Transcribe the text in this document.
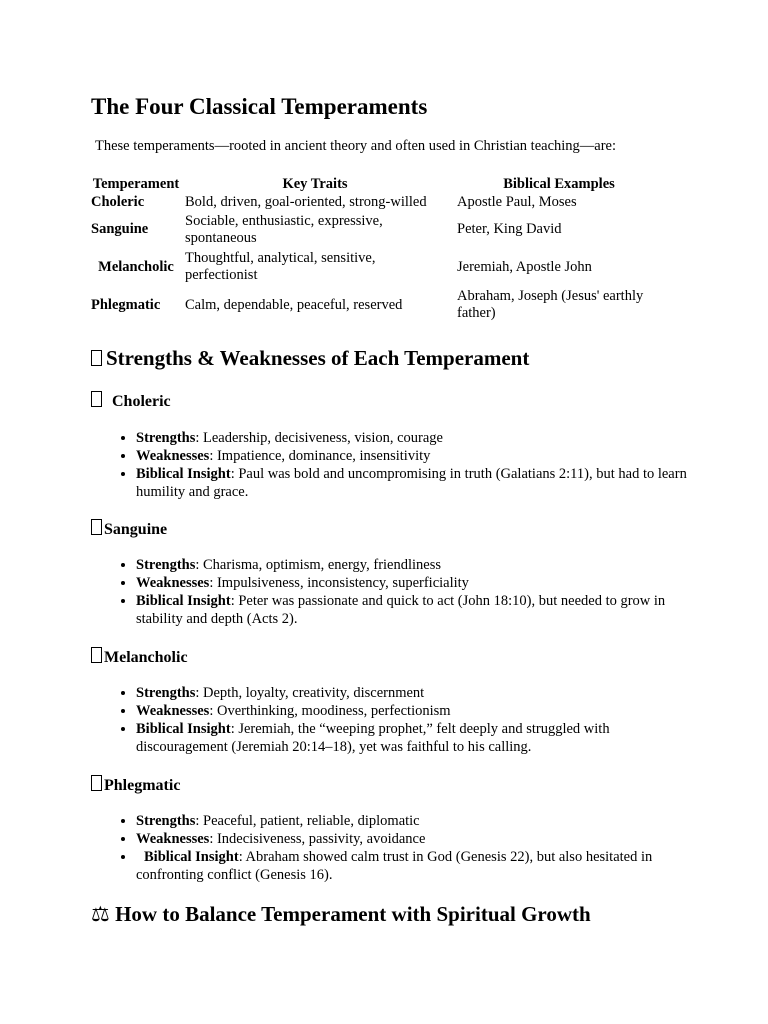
The Four Classical Temperaments

These temperaments—rooted in ancient theory and often used in Christian teaching—are:

Temperament	Key Traits	Biblical Examples
Choleric	Bold, driven, goal-oriented, strong-willed	Apostle Paul, Moses
Sanguine	Sociable, enthusiastic, expressive, spontaneous	Peter, King David
Melancholic	Thoughtful, analytical, sensitive, perfectionist	Jeremiah, Apostle John
Phlegmatic	Calm, dependable, peaceful, reserved	Abraham, Joseph (Jesus' earthly father)
Strengths & Weaknesses of Each Temperament
Choleric
• Strengths: Leadership, decisiveness, vision, courage
• Weaknesses: Impatience, dominance, insensitivity
• Biblical Insight: Paul was bold and uncompromising in truth (Galatians 2:11), but had to learn humility and grace.
Sanguine
• Strengths: Charisma, optimism, energy, friendliness
• Weaknesses: Impulsiveness, inconsistency, superficiality
• Biblical Insight: Peter was passionate and quick to act (John 18:10), but needed to grow in stability and depth (Acts 2).
Melancholic
• Strengths: Depth, loyalty, creativity, discernment
• Weaknesses: Overthinking, moodiness, perfectionism
• Biblical Insight: Jeremiah, the “weeping prophet,” felt deeply and struggled with discouragement (Jeremiah 20:14–18), yet was faithful to his calling.
Phlegmatic
• Strengths: Peaceful, patient, reliable, diplomatic
• Weaknesses: Indecisiveness, passivity, avoidance
• Biblical Insight: Abraham showed calm trust in God (Genesis 22), but also hesitated in confronting conflict (Genesis 16).
⚖ How to Balance Temperament with Spiritual Growth
